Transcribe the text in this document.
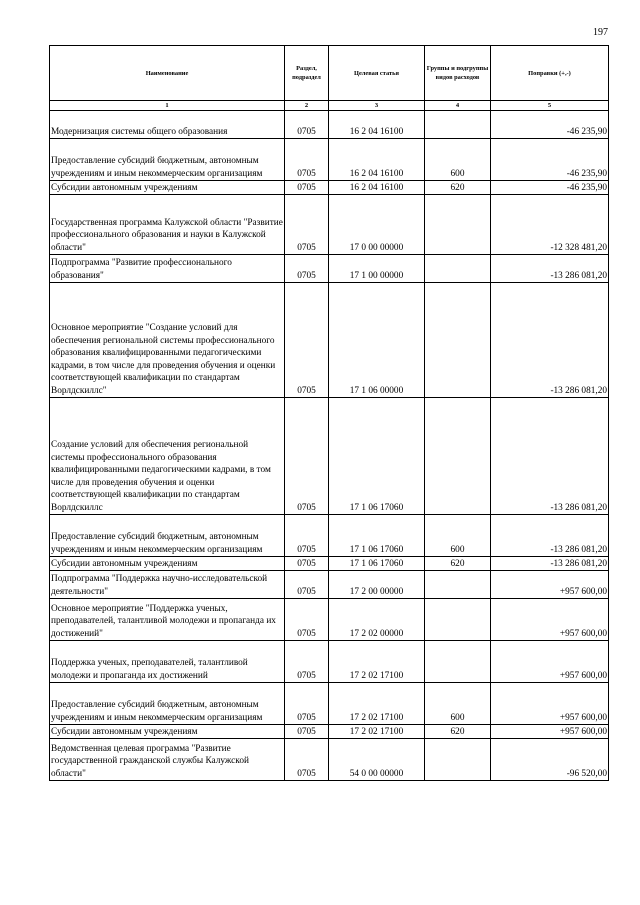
197
Наименование	Раздел, подраздел	Целевая статья	Группы и подгруппы видов расходов	Поправки (+,-)
1	2	3	4	5
Модернизация системы общего образования	0705	16 2 04 16100		-46 235,90
Предоставление субсидий бюджетным, автономным учреждениям и иным некоммерческим организациям	0705	16 2 04 16100	600	-46 235,90
Субсидии автономным учреждениям	0705	16 2 04 16100	620	-46 235,90
Государственная программа Калужской области "Развитие профессионального образования и науки в Калужской области"	0705	17 0 00 00000		-12 328 481,20
Подпрограмма "Развитие профессионального образования"	0705	17 1 00 00000		-13 286 081,20
Основное мероприятие "Создание условий для обеспечения региональной системы профессионального образования квалифицированными педагогическими кадрами, в том числе для проведения обучения и оценки соответствующей квалификации по стандартам Ворлдскиллс"	0705	17 1 06 00000		-13 286 081,20
Создание условий для обеспечения региональной системы профессионального образования квалифицированными педагогическими кадрами, в том числе для проведения обучения и оценки соответствующей квалификации по стандартам Ворлдскиллс	0705	17 1 06 17060		-13 286 081,20
Предоставление субсидий бюджетным, автономным учреждениям и иным некоммерческим организациям	0705	17 1 06 17060	600	-13 286 081,20
Субсидии автономным учреждениям	0705	17 1 06 17060	620	-13 286 081,20
Подпрограмма "Поддержка научно-исследовательской деятельности"	0705	17 2 00 00000		+957 600,00
Основное мероприятие "Поддержка ученых, преподавателей, талантливой молодежи и пропаганда их достижений"	0705	17 2 02 00000		+957 600,00
Поддержка ученых, преподавателей, талантливой молодежи и пропаганда их достижений	0705	17 2 02 17100		+957 600,00
Предоставление субсидий бюджетным, автономным учреждениям и иным некоммерческим организациям	0705	17 2 02 17100	600	+957 600,00
Субсидии автономным учреждениям	0705	17 2 02 17100	620	+957 600,00
Ведомственная целевая программа "Развитие государственной гражданской службы Калужской области"	0705	54 0 00 00000		-96 520,00
